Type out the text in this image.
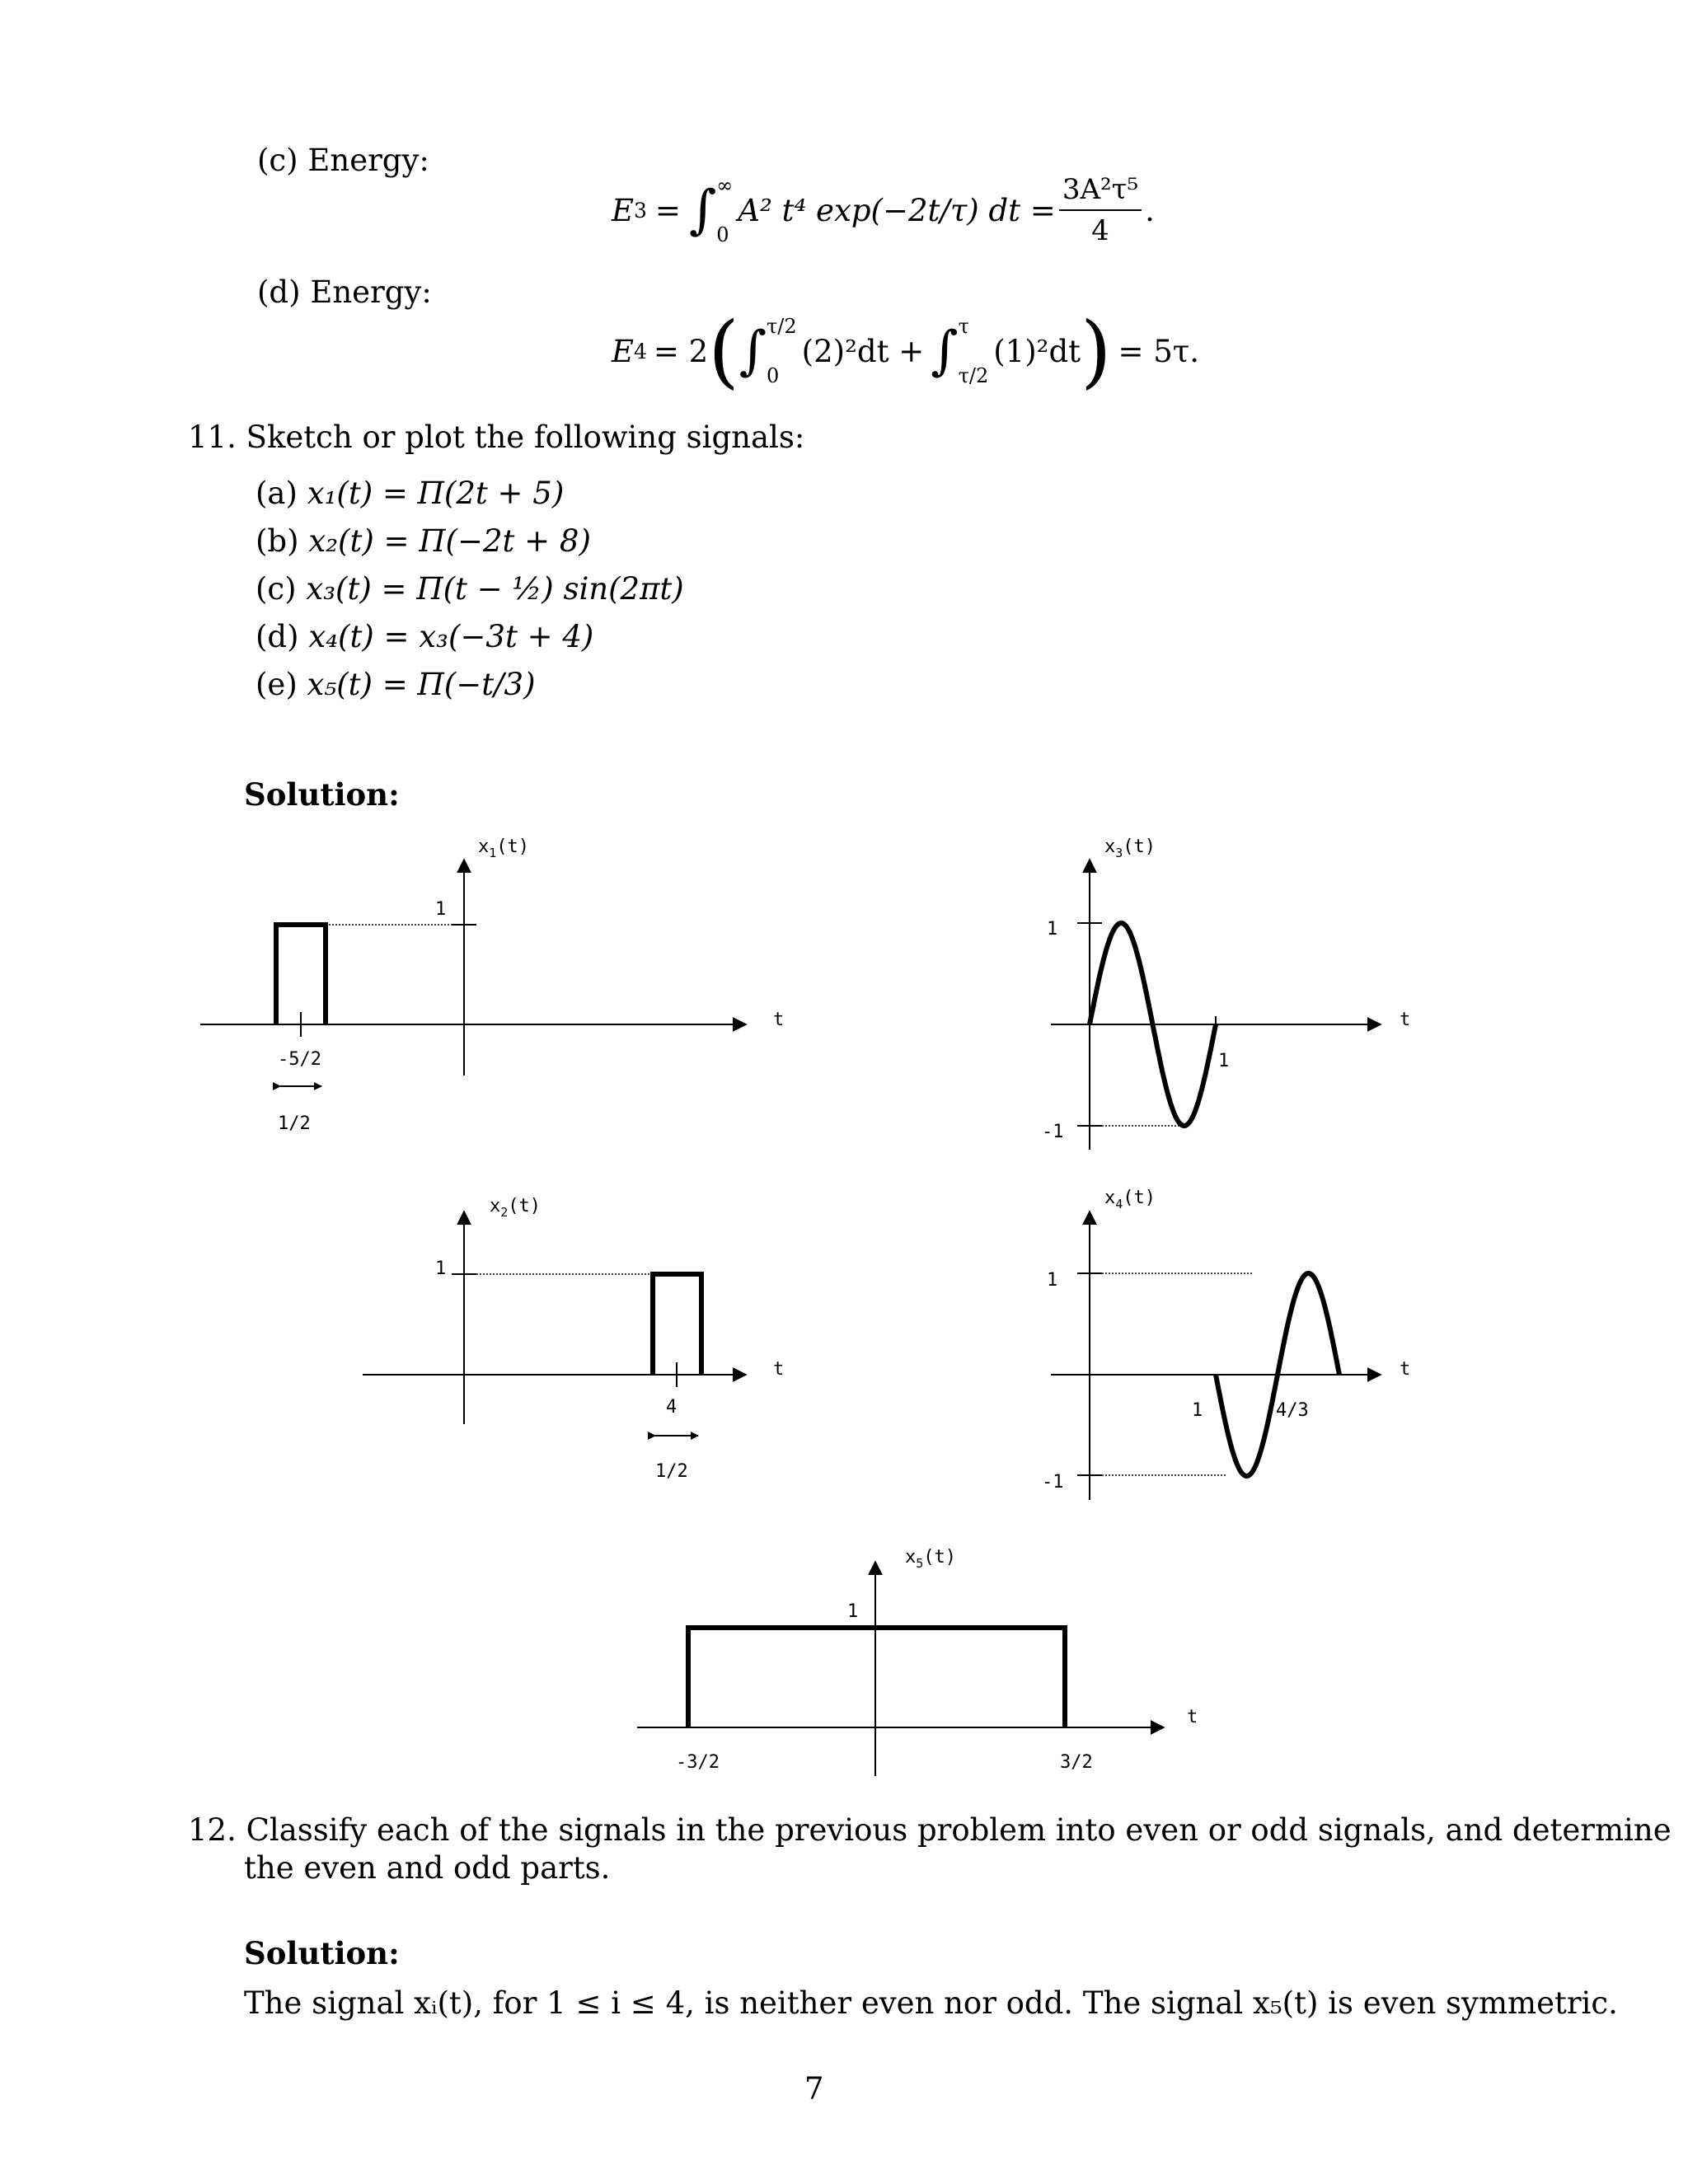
(c) Energy:
E 3 = ∫ ∞
0
A² t⁴ exp(−2t/τ) dt = $\frac{\text{3A²τ⁵}}{4}$ .
(d) Energy:
E 4 = 2 ( ∫ τ/2
0
(2)²dt + ∫ τ
τ/2
(1)²dt ) = 5τ.
11. Sketch or plot the following signals:
(a) x₁(t) = Π(2t + 5)
(b) x₂(t) = Π(−2t + 8)
(c) x₃(t) = Π(t − ½) sin(2πt)
(d) x₄(t) = x₃(−3t + 4)
(e) x₅(t) = Π(−t/3)
Solution:
$x_1(t)$
1
t
-5/2
1/2
$x_3(t)$
1
-1
1
t
$x_2(t)$
1
t
4
1/2
$x_4(t)$
1
-1
1	4/3
t
$x_5(t)$
1
t
-3/2	3/2
12. Classify each of the signals in the previous problem into even or odd signals, and determine
the even and odd parts.
Solution:
The signal xᵢ(t), for 1 ≤ i ≤ 4, is neither even nor odd. The signal x₅(t) is even symmetric.
7
